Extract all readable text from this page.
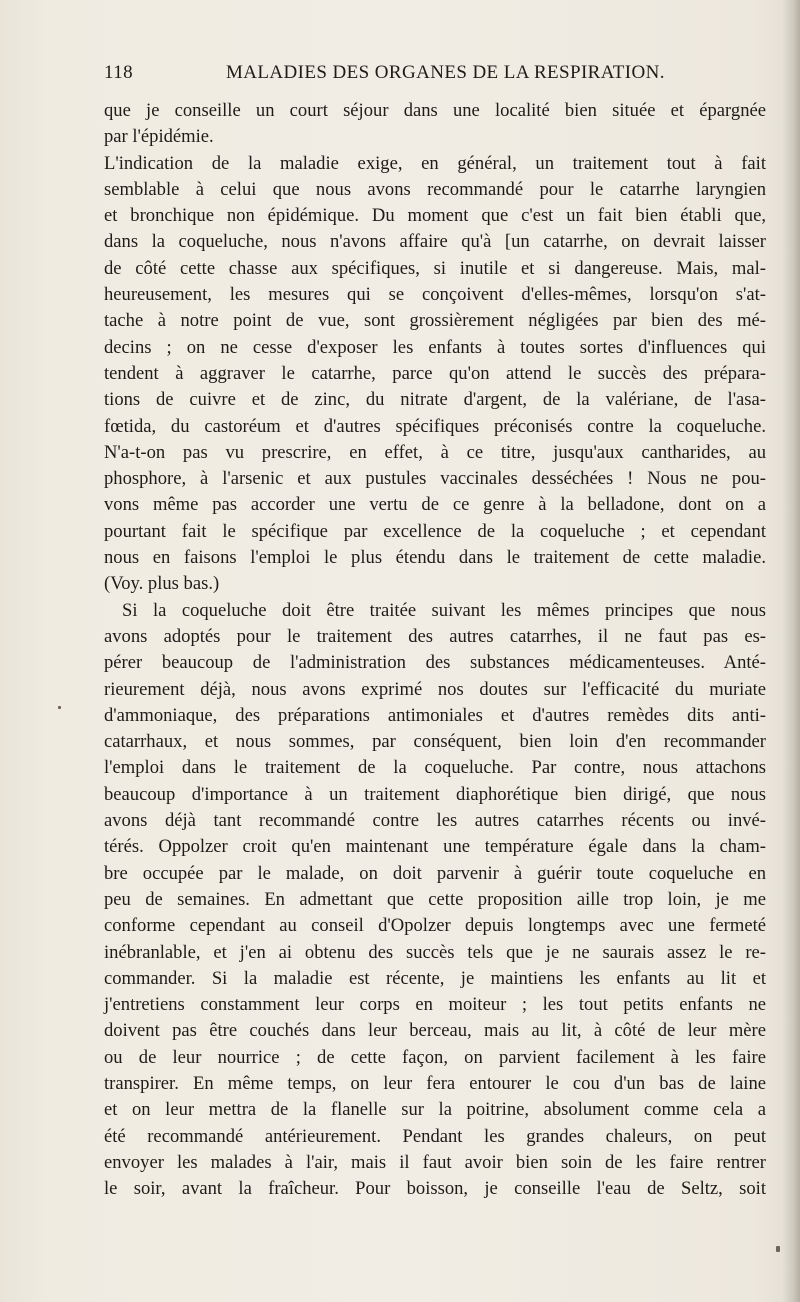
118	MALADIES DES ORGANES DE LA RESPIRATION.
que je conseille un court séjour dans une localité bien située et épargnée
par l'épidémie.
L'indication de la maladie exige, en général, un traitement tout à fait
semblable à celui que nous avons recommandé pour le catarrhe laryngien
et bronchique non épidémique. Du moment que c'est un fait bien établi que,
dans la coqueluche, nous n'avons affaire qu'à [un catarrhe, on devrait laisser
de côté cette chasse aux spécifiques, si inutile et si dangereuse. Mais, mal-
heureusement, les mesures qui se conçoivent d'elles-mêmes, lorsqu'on s'at-
tache à notre point de vue, sont grossièrement négligées par bien des mé-
decins ; on ne cesse d'exposer les enfants à toutes sortes d'influences qui
tendent à aggraver le catarrhe, parce qu'on attend le succès des prépara-
tions de cuivre et de zinc, du nitrate d'argent, de la valériane, de l'asa-
fœtida, du castoréum et d'autres spécifiques préconisés contre la coqueluche.
N'a-t-on pas vu prescrire, en effet, à ce titre, jusqu'aux cantharides, au
phosphore, à l'arsenic et aux pustules vaccinales desséchées ! Nous ne pou-
vons même pas accorder une vertu de ce genre à la belladone, dont on a
pourtant fait le spécifique par excellence de la coqueluche ; et cependant
nous en faisons l'emploi le plus étendu dans le traitement de cette maladie.
(Voy. plus bas.)
Si la coqueluche doit être traitée suivant les mêmes principes que nous
avons adoptés pour le traitement des autres catarrhes, il ne faut pas es-
pérer beaucoup de l'administration des substances médicamenteuses. Anté-
rieurement déjà, nous avons exprimé nos doutes sur l'efficacité du muriate
d'ammoniaque, des préparations antimoniales et d'autres remèdes dits anti-
catarrhaux, et nous sommes, par conséquent, bien loin d'en recommander
l'emploi dans le traitement de la coqueluche. Par contre, nous attachons
beaucoup d'importance à un traitement diaphorétique bien dirigé, que nous
avons déjà tant recommandé contre les autres catarrhes récents ou invé-
térés. Oppolzer croit qu'en maintenant une température égale dans la cham-
bre occupée par le malade, on doit parvenir à guérir toute coqueluche en
peu de semaines. En admettant que cette proposition aille trop loin, je me
conforme cependant au conseil d'Opolzer depuis longtemps avec une fermeté
inébranlable, et j'en ai obtenu des succès tels que je ne saurais assez le re-
commander. Si la maladie est récente, je maintiens les enfants au lit et
j'entretiens constamment leur corps en moiteur ; les tout petits enfants ne
doivent pas être couchés dans leur berceau, mais au lit, à côté de leur mère
ou de leur nourrice ; de cette façon, on parvient facilement à les faire
transpirer. En même temps, on leur fera entourer le cou d'un bas de laine
et on leur mettra de la flanelle sur la poitrine, absolument comme cela a
été recommandé antérieurement. Pendant les grandes chaleurs, on peut
envoyer les malades à l'air, mais il faut avoir bien soin de les faire rentrer
le soir, avant la fraîcheur. Pour boisson, je conseille l'eau de Seltz, soit
